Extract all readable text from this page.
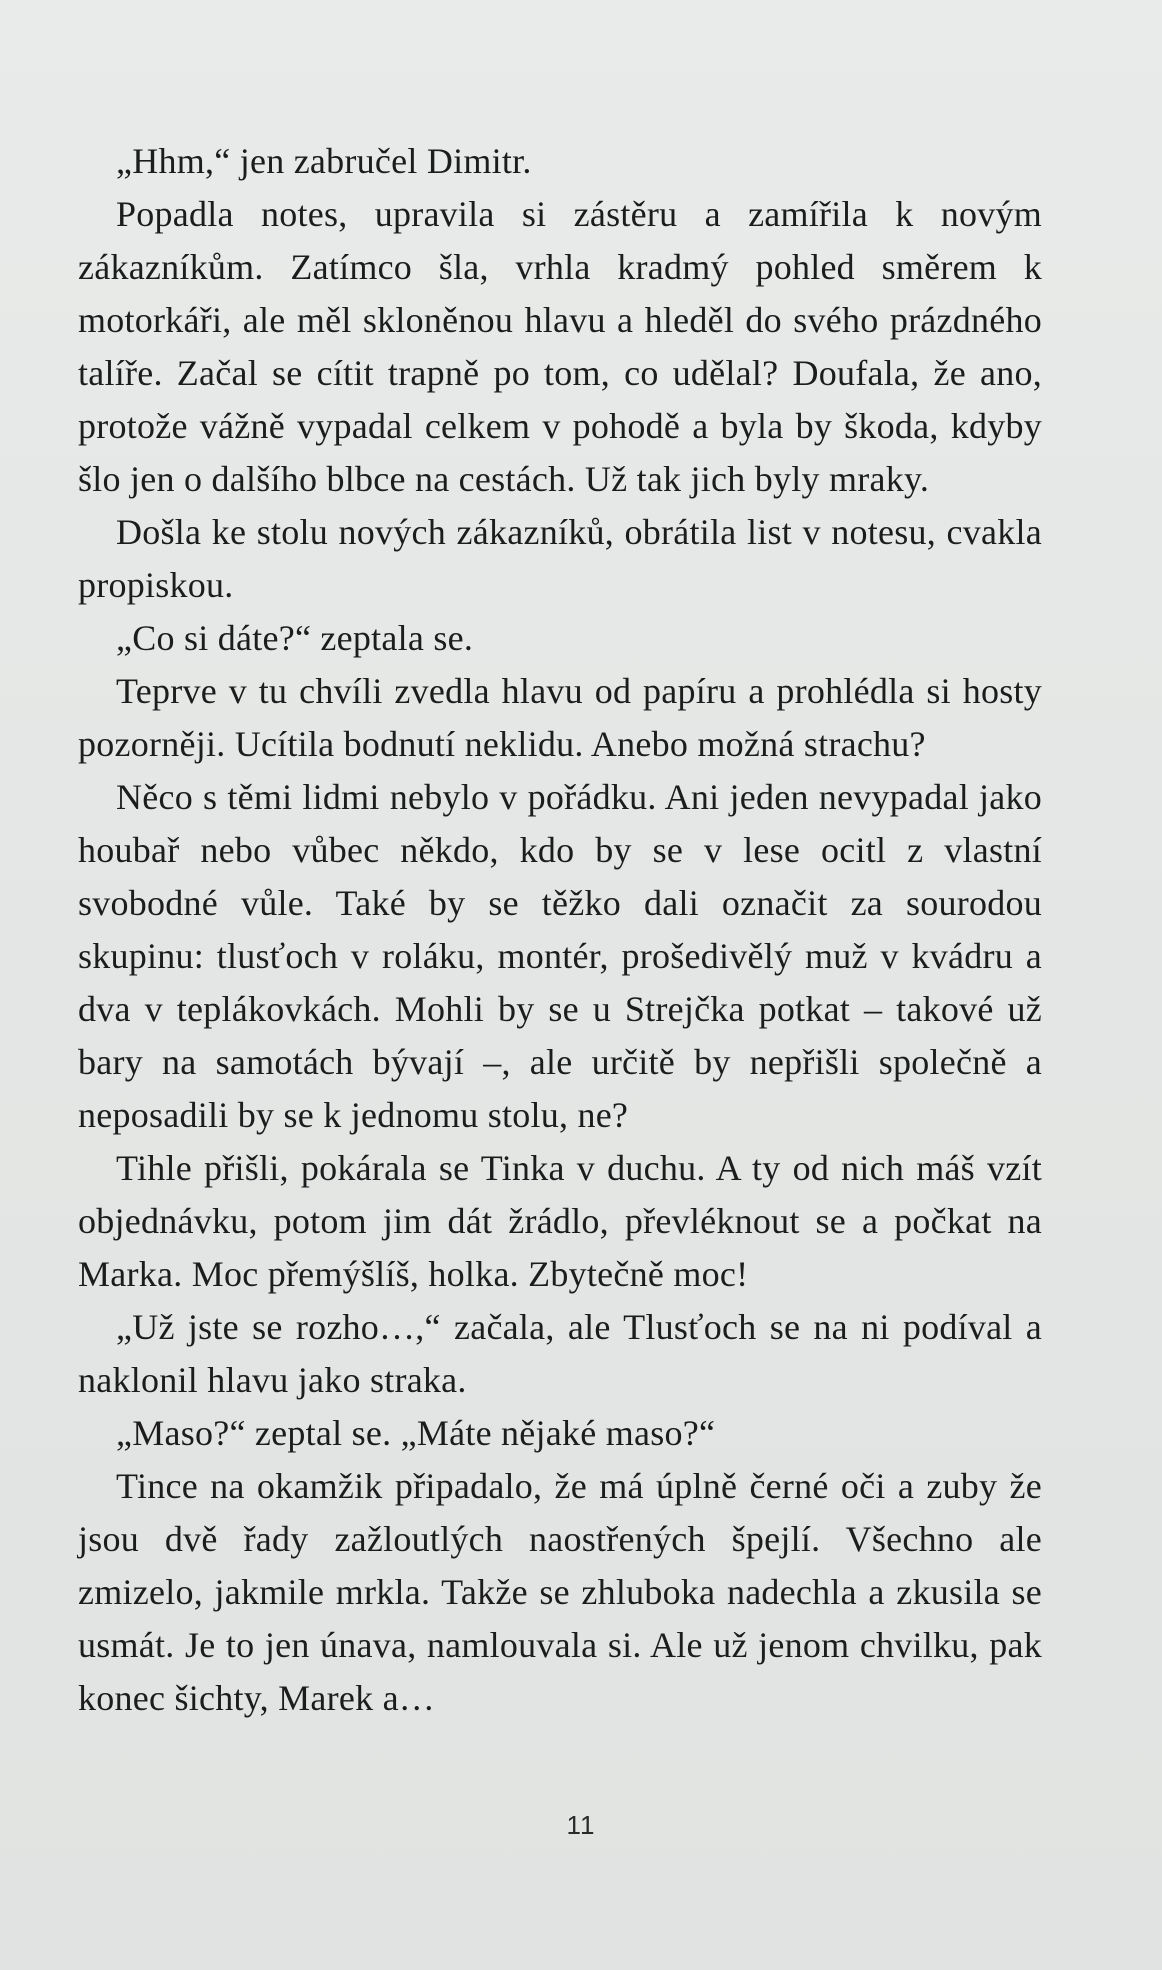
„Hhm,“ jen zabručel Dimitr.

Popadla notes, upravila si zástěru a zamířila k novým zákazníkům. Zatímco šla, vrhla kradmý pohled směrem k motorkáři, ale měl skloněnou hlavu a hleděl do svého prázdného talíře. Začal se cítit trapně po tom, co udělal? Doufala, že ano, protože vážně vypadal celkem v pohodě a byla by škoda, kdyby šlo jen o dalšího blbce na cestách. Už tak jich byly mraky.

Došla ke stolu nových zákazníků, obrátila list v notesu, cvakla propiskou.

„Co si dáte?“ zeptala se.

Teprve v tu chvíli zvedla hlavu od papíru a prohlédla si hosty pozorněji. Ucítila bodnutí neklidu. Anebo možná strachu?

Něco s těmi lidmi nebylo v pořádku. Ani jeden nevypadal jako houbař nebo vůbec někdo, kdo by se v lese ocitl z vlastní svobodné vůle. Také by se těžko dali označit za sourodou skupinu: tlusťoch v roláku, montér, prošedivělý muž v kvádru a dva v teplákovkách. Mohli by se u Strejčka potkat – takové už bary na samotách bývají –, ale určitě by nepřišli společně a neposadili by se k jednomu stolu, ne?

Tihle přišli, pokárala se Tinka v duchu. A ty od nich máš vzít objednávku, potom jim dát žrádlo, převléknout se a počkat na Marka. Moc přemýšlíš, holka. Zbytečně moc!

„Už jste se rozho…,“ začala, ale Tlusťoch se na ni podíval a naklonil hlavu jako straka.

„Maso?“ zeptal se. „Máte nějaké maso?“

Tince na okamžik připadalo, že má úplně černé oči a zuby že jsou dvě řady zažloutlých naostřených špejlí. Všechno ale zmizelo, jakmile mrkla. Takže se zhluboka nadechla a zkusila se usmát. Je to jen únava, namlouvala si. Ale už jenom chvilku, pak konec šichty, Marek a…

11
